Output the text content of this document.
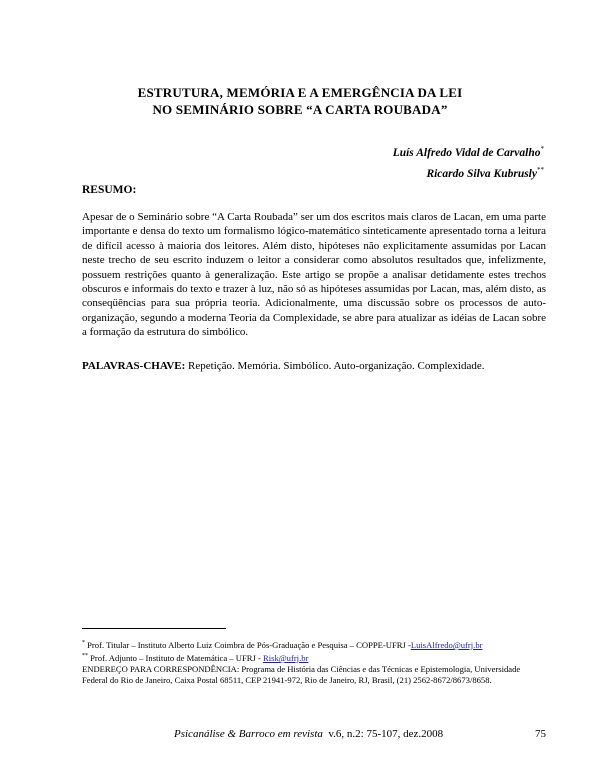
ESTRUTURA, MEMÓRIA E A EMERGÊNCIA DA LEI
NO SEMINÁRIO SOBRE “A CARTA ROUBADA”
Luís Alfredo Vidal de Carvalho*
Ricardo Silva Kubrusly**
RESUMO:

Apesar de o Seminário sobre “A Carta Roubada” ser um dos escritos mais claros de Lacan, em uma parte importante e densa do texto um formalismo lógico-matemático sinteticamente apresentado torna a leitura de difícil acesso à maioria dos leitores. Além disto, hipóteses não explicitamente assumidas por Lacan neste trecho de seu escrito induzem o leitor a considerar como absolutos resultados que, infelizmente, possuem restrições quanto à generalização. Este artigo se propõe a analisar detidamente estes trechos obscuros e informais do texto e trazer à luz, não só as hipóteses assumidas por Lacan, mas, além disto, as conseqüências para sua própria teoria. Adicionalmente, uma discussão sobre os processos de auto-organização, segundo a moderna Teoria da Complexidade, se abre para atualizar as idéias de Lacan sobre a formação da estrutura do simbólico.

PALAVRAS-CHAVE: Repetição. Memória. Simbólico. Auto-organização. Complexidade.
* Prof. Titular – Instituto Alberto Luiz Coimbra de Pós-Graduação e Pesquisa – COPPE-UFRJ -LuisAlfredo@ufrj.br
** Prof. Adjunto – Instituto de Matemática – UFRJ - Risk@ufrj.br
ENDEREÇO PARA CORRESPONDÊNCIA: Programa de História das Ciências e das Técnicas e Epistemologia, Universidade Federal do Rio de Janeiro, Caixa Postal 68511, CEP 21941-972, Rio de Janeiro, RJ, Brasil, (21) 2562-8672/8673/8658.
Psicanálise & Barroco em revista v.6, n.2: 75-107, dez.2008	75
